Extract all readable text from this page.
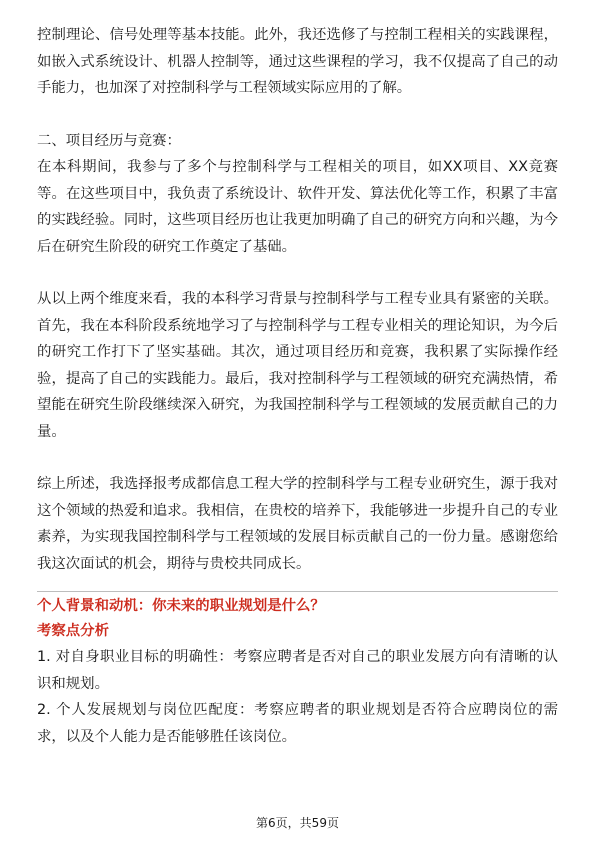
控制理论、信号处理等基本技能。此外，我还选修了与控制工程相关的实践课程，如嵌入式系统设计、机器人控制等，通过这些课程的学习，我不仅提高了自己的动手能力，也加深了对控制科学与工程领域实际应用的了解。

二、项目经历与竞赛：

在本科期间，我参与了多个与控制科学与工程相关的项目，如XX项目、XX竞赛等。在这些项目中，我负责了系统设计、软件开发、算法优化等工作，积累了丰富的实践经验。同时，这些项目经历也让我更加明确了自己的研究方向和兴趣，为今后在研究生阶段的研究工作奠定了基础。

从以上两个维度来看，我的本科学习背景与控制科学与工程专业具有紧密的关联。首先，我在本科阶段系统地学习了与控制科学与工程专业相关的理论知识，为今后的研究工作打下了坚实基础。其次，通过项目经历和竞赛，我积累了实际操作经验，提高了自己的实践能力。最后，我对控制科学与工程领域的研究充满热情，希望能在研究生阶段继续深入研究，为我国控制科学与工程领域的发展贡献自己的力量。

综上所述，我选择报考成都信息工程大学的控制科学与工程专业研究生，源于我对这个领域的热爱和追求。我相信，在贵校的培养下，我能够进一步提升自己的专业素养，为实现我国控制科学与工程领域的发展目标贡献自己的一份力量。感谢您给我这次面试的机会，期待与贵校共同成长。

个人背景和动机：你未来的职业规划是什么？

考察点分析

1. 对自身职业目标的明确性：考察应聘者是否对自己的职业发展方向有清晰的认识和规划。

2. 个人发展规划与岗位匹配度：考察应聘者的职业规划是否符合应聘岗位的需求，以及个人能力是否能够胜任该岗位。

第6页，共59页
